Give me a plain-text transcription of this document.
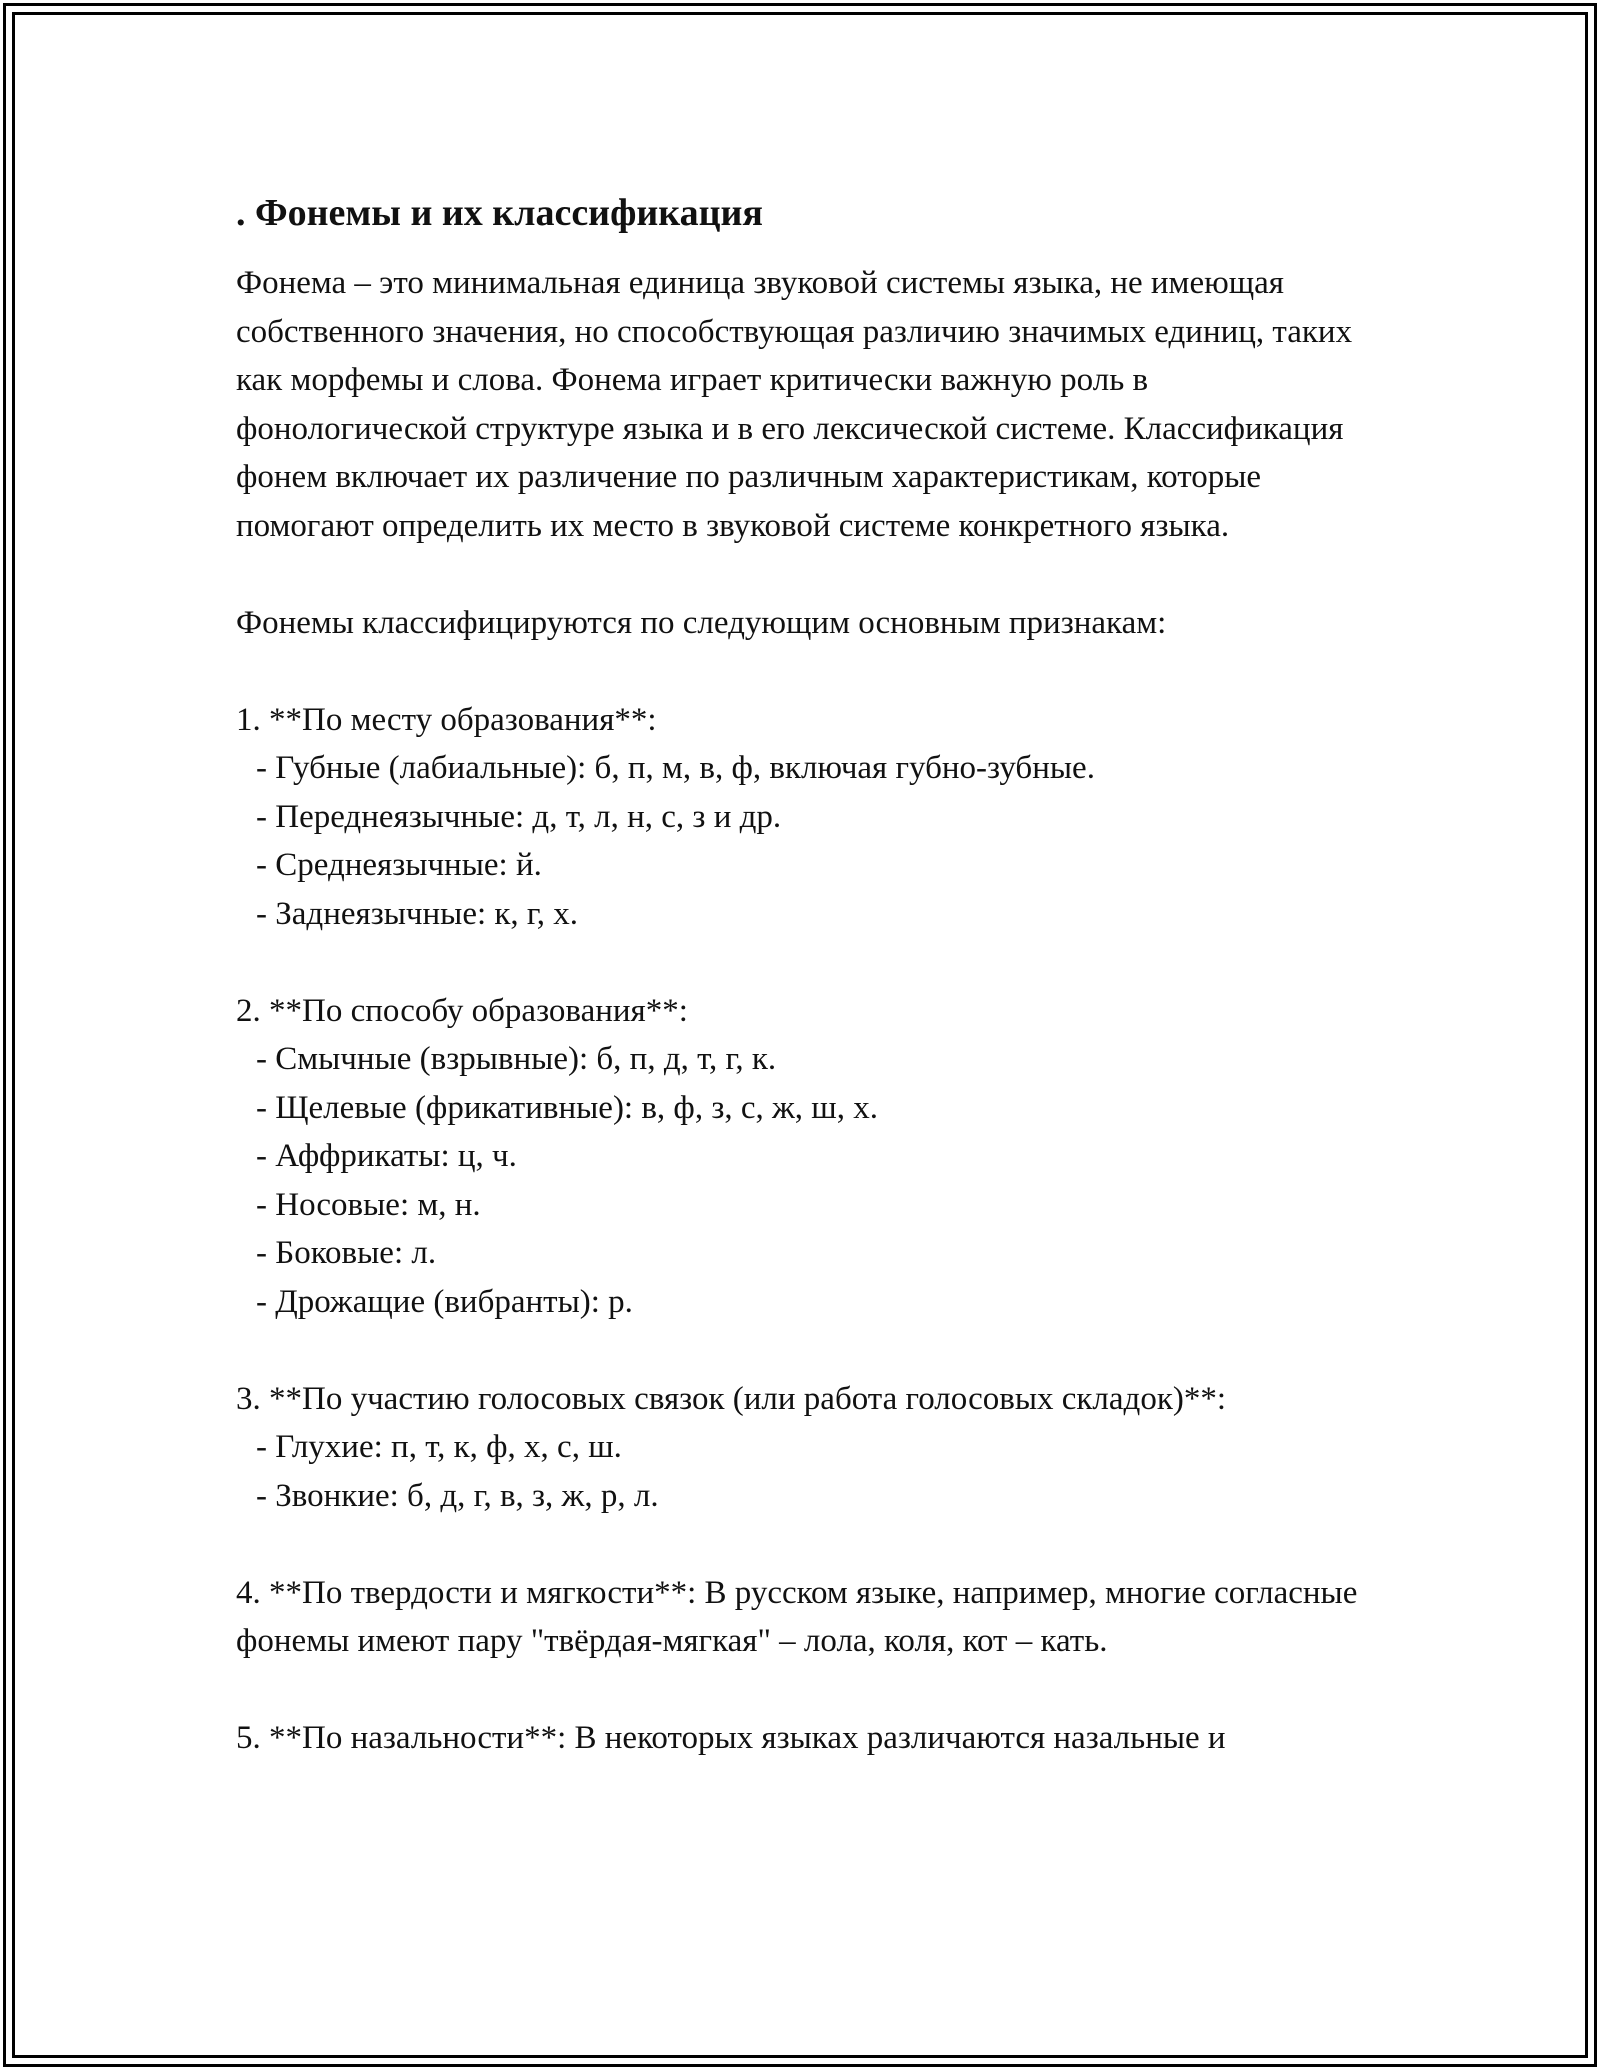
. Фонемы и их классификация

Фонема – это минимальная единица звуковой системы языка, не имеющая собственного значения, но способствующая различию значимых единиц, таких как морфемы и слова. Фонема играет критически важную роль в фонологической структуре языка и в его лексической системе. Классификация фонем включает их различение по различным характеристикам, которые помогают определить их место в звуковой системе конкретного языка.

Фонемы классифицируются по следующим основным признакам:

1. **По месту образования**:

- Губные (лабиальные): б, п, м, в, ф, включая губно-зубные.

- Переднеязычные: д, т, л, н, с, з и др.

- Среднеязычные: й.

- Заднеязычные: к, г, х.

2. **По способу образования**:

- Смычные (взрывные): б, п, д, т, г, к.

- Щелевые (фрикативные): в, ф, з, с, ж, ш, х.

- Аффрикаты: ц, ч.

- Носовые: м, н.

- Боковые: л.

- Дрожащие (вибранты): р.

3. **По участию голосовых связок (или работа голосовых складок)**:

- Глухие: п, т, к, ф, х, с, ш.

- Звонкие: б, д, г, в, з, ж, р, л.

4. **По твердости и мягкости**: В русском языке, например, многие согласные фонемы имеют пару "твёрдая-мягкая" – лола, коля, кот – кать.

5. **По назальности**: В некоторых языках различаются назальные и
